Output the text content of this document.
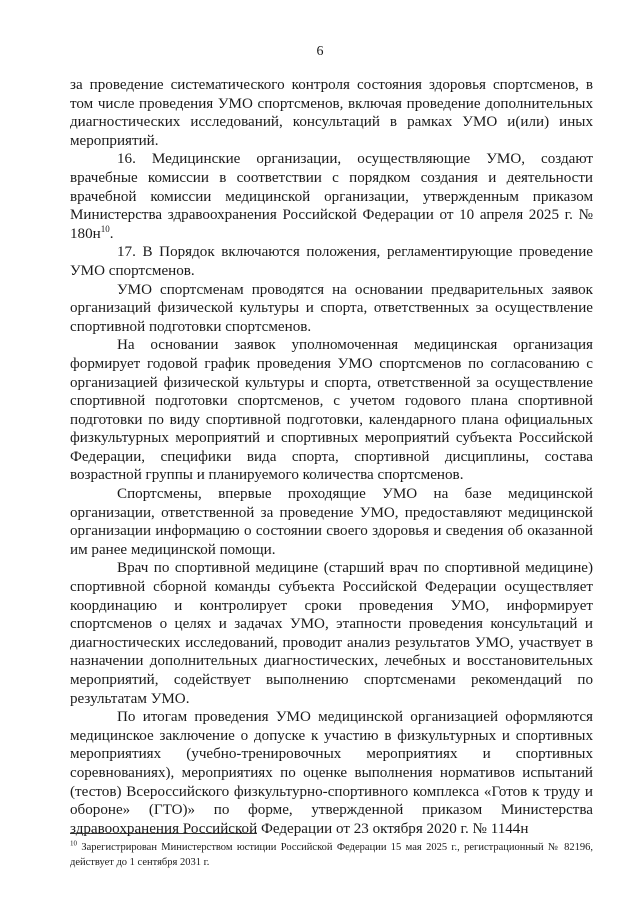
6

за проведение систематического контроля состояния здоровья спортсменов, в том числе проведения УМО спортсменов, включая проведение дополнительных диагностических исследований, консультаций в рамках УМО и(или) иных мероприятий.

16. Медицинские организации, осуществляющие УМО, создают врачебные комиссии в соответствии с порядком создания и деятельности врачебной комиссии медицинской организации, утвержденным приказом Министерства здравоохранения Российской Федерации от 10 апреля 2025 г. № $180н^{10}$.

17. В Порядок включаются положения, регламентирующие проведение УМО спортсменов.

УМО спортсменам проводятся на основании предварительных заявок организаций физической культуры и спорта, ответственных за осуществление спортивной подготовки спортсменов.

На основании заявок уполномоченная медицинская организация формирует годовой график проведения УМО спортсменов по согласованию с организацией физической культуры и спорта, ответственной за осуществление спортивной подготовки спортсменов, с учетом годового плана спортивной подготовки по виду спортивной подготовки, календарного плана официальных физкультурных мероприятий и спортивных мероприятий субъекта Российской Федерации, специфики вида спорта, спортивной дисциплины, состава возрастной группы и планируемого количества спортсменов.

Спортсмены, впервые проходящие УМО на базе медицинской организации, ответственной за проведение УМО, предоставляют медицинской организации информацию о состоянии своего здоровья и сведения об оказанной им ранее медицинской помощи.

Врач по спортивной медицине (старший врач по спортивной медицине) спортивной сборной команды субъекта Российской Федерации осуществляет координацию и контролирует сроки проведения УМО, информирует спортсменов о целях и задачах УМО, этапности проведения консультаций и диагностических исследований, проводит анализ результатов УМО, участвует в назначении дополнительных диагностических, лечебных и восстановительных мероприятий, содействует выполнению спортсменами рекомендаций по результатам УМО.

По итогам проведения УМО медицинской организацией оформляются медицинское заключение о допуске к участию в физкультурных и спортивных мероприятиях (учебно-тренировочных мероприятиях и спортивных соревнованиях), мероприятиях по оценке выполнения нормативов испытаний (тестов) Всероссийского физкультурно-спортивного комплекса «Готов к труду и обороне» (ГТО)» по форме, утвержденной приказом Министерства здравоохранения Российской Федерации от 23 октября 2020 г. № 1144н

$^{10}$ Зарегистрирован Министерством юстиции Российской Федерации 15 мая 2025 г., регистрационный № 82196, действует до 1 сентября 2031 г.
